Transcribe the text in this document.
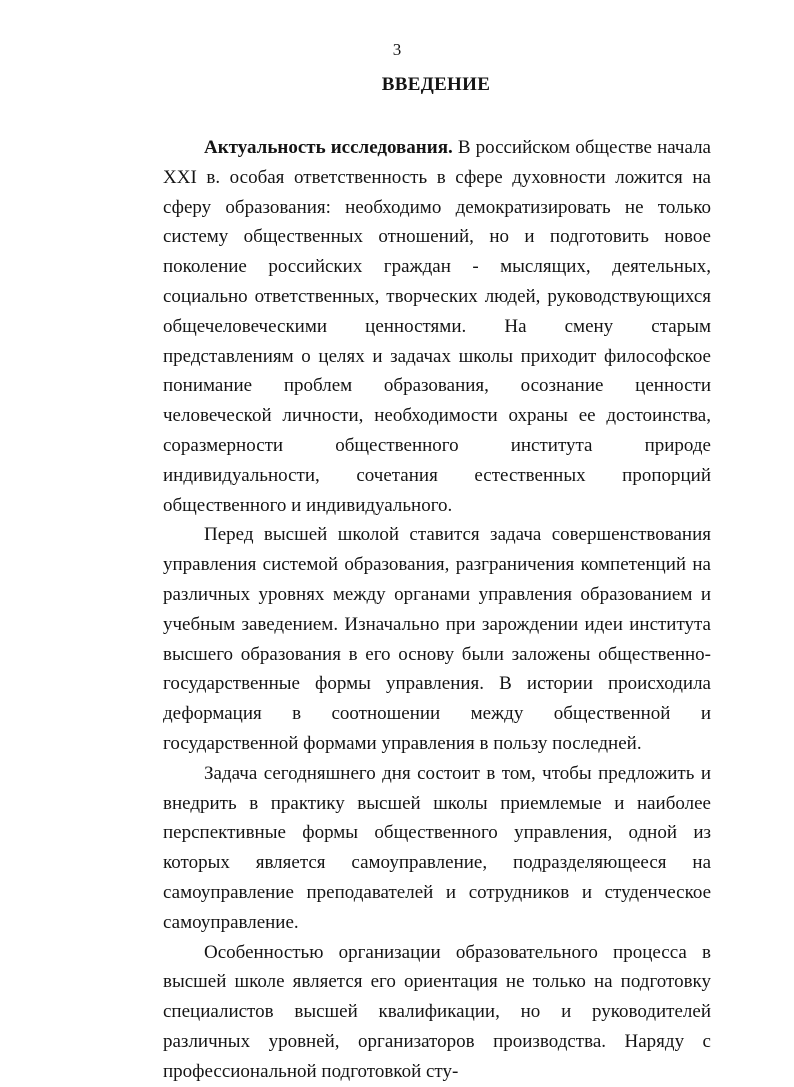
3
ВВЕДЕНИЕ

Актуальность исследования. В российском обществе начала XXI в. особая ответственность в сфере духовности ложится на сферу образования: необходимо демократизировать не только систему общественных отношений, но и подготовить новое поколение российских граждан - мыслящих, деятельных, социально ответственных, творческих людей, руководствующихся общечеловеческими ценностями. На смену старым представлениям о целях и задачах школы приходит философское понимание проблем образования, осознание ценности человеческой личности, необходимости охраны ее достоинства, соразмерности общественного института природе индивидуальности, сочетания естественных пропорций общественного и индивидуального.

Перед высшей школой ставится задача совершенствования управления системой образования, разграничения компетенций на различных уровнях между органами управления образованием и учебным заведением. Изначально при зарождении идеи института высшего образования в его основу были заложены общественно-государственные формы управления. В истории происходила деформация в соотношении между общественной и государственной формами управления в пользу последней.

Задача сегодняшнего дня состоит в том, чтобы предложить и внедрить в практику высшей школы приемлемые и наиболее перспективные формы общественного управления, одной из которых является самоуправление, подразделяющееся на самоуправление преподавателей и сотрудников и студенческое самоуправление.

Особенностью организации образовательного процесса в высшей школе является его ориентация не только на подготовку специалистов высшей квалификации, но и руководителей различных уровней, организаторов производства. Наряду с профессиональной подготовкой сту-
